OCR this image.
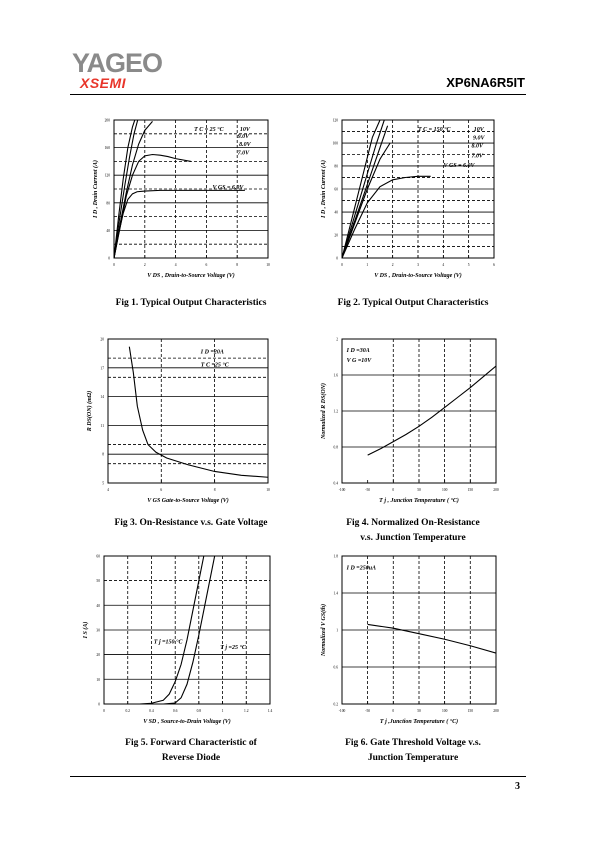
YAGEO
XSEMI	XP6NA6R5IT
0	2	4	6	8	10
0
40
80
120
160
200
10V
9.0V
8.0V
7.0V
V GS = 6.0V
T C = 25 °C
V DS , Drain-to-Source Voltage (V)
I D , Drain Current (A)
0	1	2	3	4	5	6
0
20
40
60
80
100
120
10V
9.0V
8.0V
7.0V
V GS = 6.0V
T C = 150 °C
V DS , Drain-to-Source Voltage (V)
I D , Drain Current (A)
4	6	8	10
5
8
11
14
17
20
I D =20A
T C =25 °C
V GS Gate-to-Source Voltage (V)
R DS(ON) (mΩ)
-100	-50	0	50	100	150	200
0.4
0.8
1.2
1.6
2
I D =30A
V G =10V
T j , Junction Temperature ( °C)
Normalized R DS(ON)
0	0.2	0.4	0.6	0.8	1	1.2	1.4
0
10
20
30
40
50
60
T j =150 °C
T j =25 °C
V SD , Source-to-Drain Voltage (V)
I S (A)
-100	-50	0	50	100	150	200
0.2
0.6
1
1.4
1.8
I D =250uA
T j ,Junction Temperature ( °C)
Normalized V GS(th)
Fig 1. Typical Output Characteristics	Fig 2. Typical Output Characteristics
Fig 3. On-Resistance v.s. Gate Voltage	Fig 4. Normalized On-Resistance
v.s. Junction Temperature
Fig 5. Forward Characteristic of
Reverse Diode
Fig 6. Gate Threshold Voltage v.s.
Junction Temperature
3
